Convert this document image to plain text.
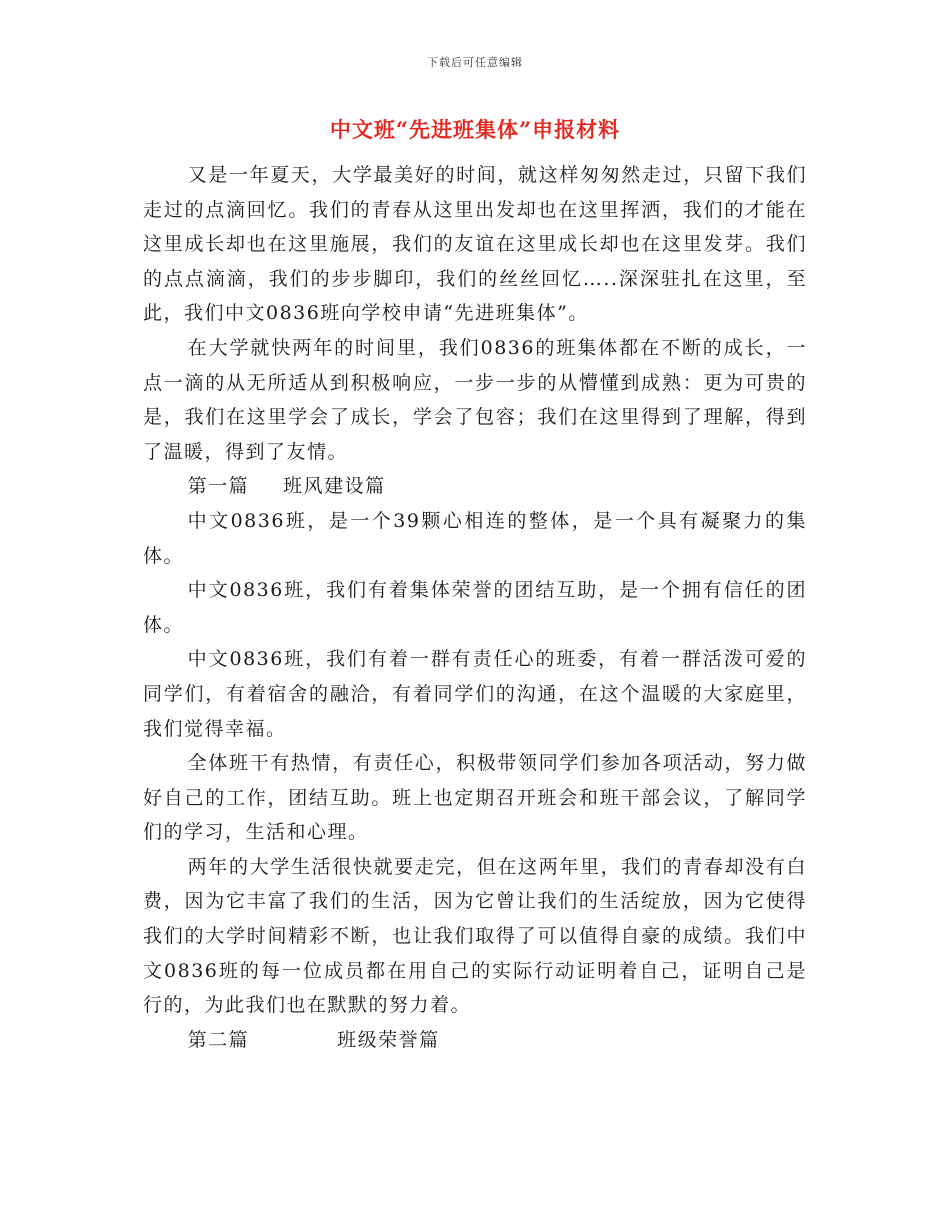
下载后可任意编辑
中文班“先进班集体”申报材料

又是一年夏天，大学最美好的时间，就这样匆匆然走过，只留下我们走过的点滴回忆。我们的青春从这里出发却也在这里挥洒，我们的才能在这里成长却也在这里施展，我们的友谊在这里成长却也在这里发芽。我们的点点滴滴，我们的步步脚印，我们的丝丝回忆…..深深驻扎在这里，至此，我们中文0836班向学校申请“先进班集体”。

在大学就快两年的时间里，我们0836的班集体都在不断的成长，一点一滴的从无所适从到积极响应，一步一步的从懵懂到成熟：更为可贵的是，我们在这里学会了成长，学会了包容；我们在这里得到了理解，得到了温暖，得到了友情。

第一篇 班风建设篇

中文0836班，是一个39颗心相连的整体，是一个具有凝聚力的集体。

中文0836班，我们有着集体荣誉的团结互助，是一个拥有信任的团体。

中文0836班，我们有着一群有责任心的班委，有着一群活泼可爱的同学们，有着宿舍的融洽，有着同学们的沟通，在这个温暖的大家庭里，我们觉得幸福。

全体班干有热情，有责任心，积极带领同学们参加各项活动，努力做好自己的工作，团结互助。班上也定期召开班会和班干部会议，了解同学们的学习，生活和心理。

两年的大学生活很快就要走完，但在这两年里，我们的青春却没有白费，因为它丰富了我们的生活，因为它曾让我们的生活绽放，因为它使得我们的大学时间精彩不断，也让我们取得了可以值得自豪的成绩。我们中文0836班的每一位成员都在用自己的实际行动证明着自己，证明自己是行的，为此我们也在默默的努力着。

第二篇	班级荣誉篇
